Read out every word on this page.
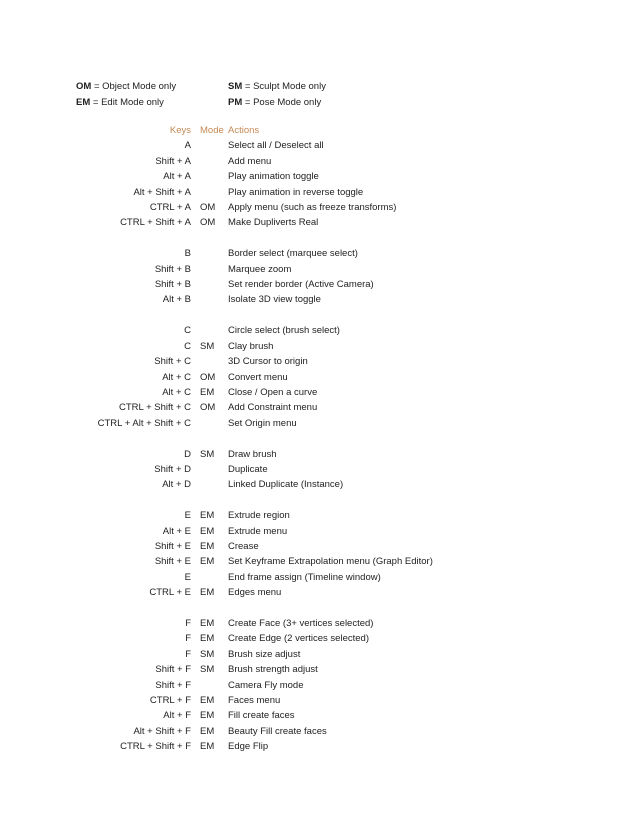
OM = Object Mode only	SM = Sculpt Mode only
EM = Edit Mode only	PM = Pose Mode only
Keys Mode Actions
A	Select all / Deselect all
Shift + A	Add menu
Alt + A	Play animation toggle
Alt + Shift + A	Play animation in reverse toggle
CTRL + A OM	Apply menu (such as freeze transforms)
CTRL + Shift + A OM	Make Dupliverts Real
B	Border select (marquee select)
Shift + B	Marquee zoom
Shift + B	Set render border (Active Camera)
Alt + B	Isolate 3D view toggle
C	Circle select (brush select)
C SM	Clay brush
Shift + C	3D Cursor to origin
Alt + C OM	Convert menu
Alt + C EM	Close / Open a curve
CTRL + Shift + C OM	Add Constraint menu
CTRL + Alt + Shift + C	Set Origin menu
D SM	Draw brush
Shift + D	Duplicate
Alt + D	Linked Duplicate (Instance)
E EM	Extrude region
Alt + E EM	Extrude menu
Shift + E EM	Crease
Shift + E EM	Set Keyframe Extrapolation menu (Graph Editor)
E	End frame assign (Timeline window)
CTRL + E EM	Edges menu
F EM	Create Face (3+ vertices selected)
F EM	Create Edge (2 vertices selected)
F SM	Brush size adjust
Shift + F SM	Brush strength adjust
Shift + F	Camera Fly mode
CTRL + F EM	Faces menu
Alt + F EM	Fill create faces
Alt + Shift + F EM	Beauty Fill create faces
CTRL + Shift + F EM	Edge Flip
